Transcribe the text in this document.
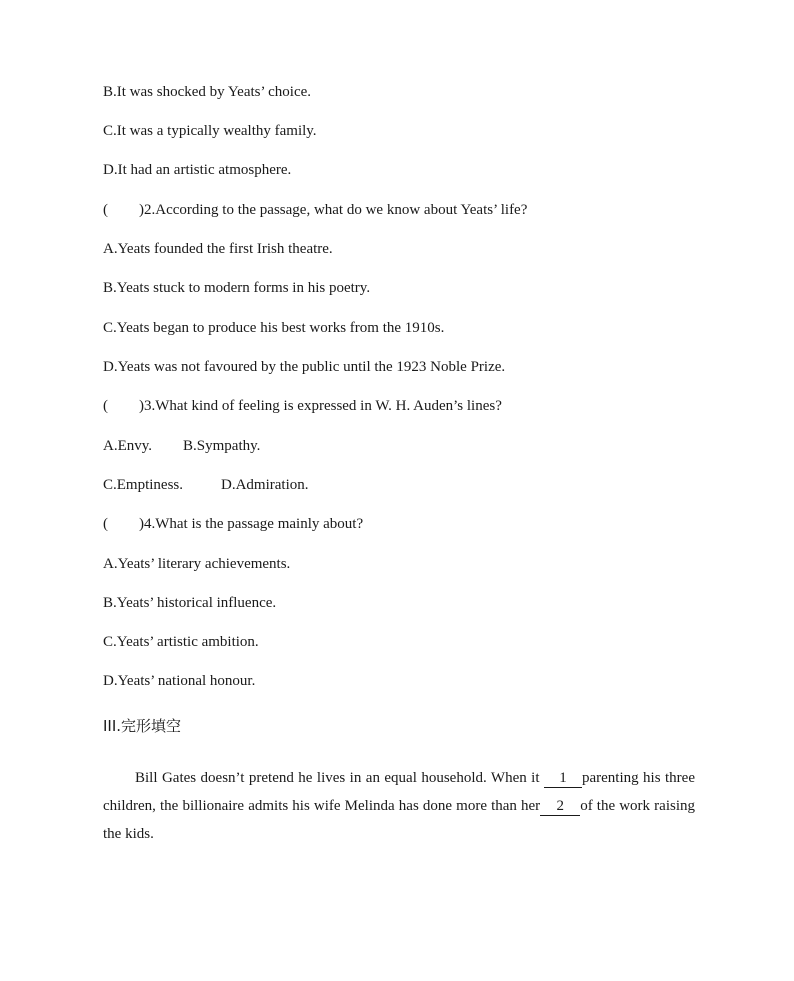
B.It was shocked by Yeats’ choice.
C.It was a typically wealthy family.
D.It had an artistic atmosphere.
( )2.According to the passage, what do we know about Yeats’ life?
A.Yeats founded the first Irish theatre.
B.Yeats stuck to modern forms in his poetry.
C.Yeats began to produce his best works from the 1910s.
D.Yeats was not favoured by the public until the 1923 Noble Prize.
( )3.What kind of feeling is expressed in W. H. Auden’s lines?
A.Envy. B.Sympathy.
C.Emptiness.	D.Admiration.
( )4.What is the passage mainly about?
A.Yeats’ literary achievements.
B.Yeats’ historical influence.
C.Yeats’ artistic ambition.
D.Yeats’ national honour.
III.完形填空
Bill Gates doesn’t pretend he lives in an equal household. When it 1 parenting his three children, the billionaire admits his wife Melinda has done more than her 2 of the work raising the kids.
